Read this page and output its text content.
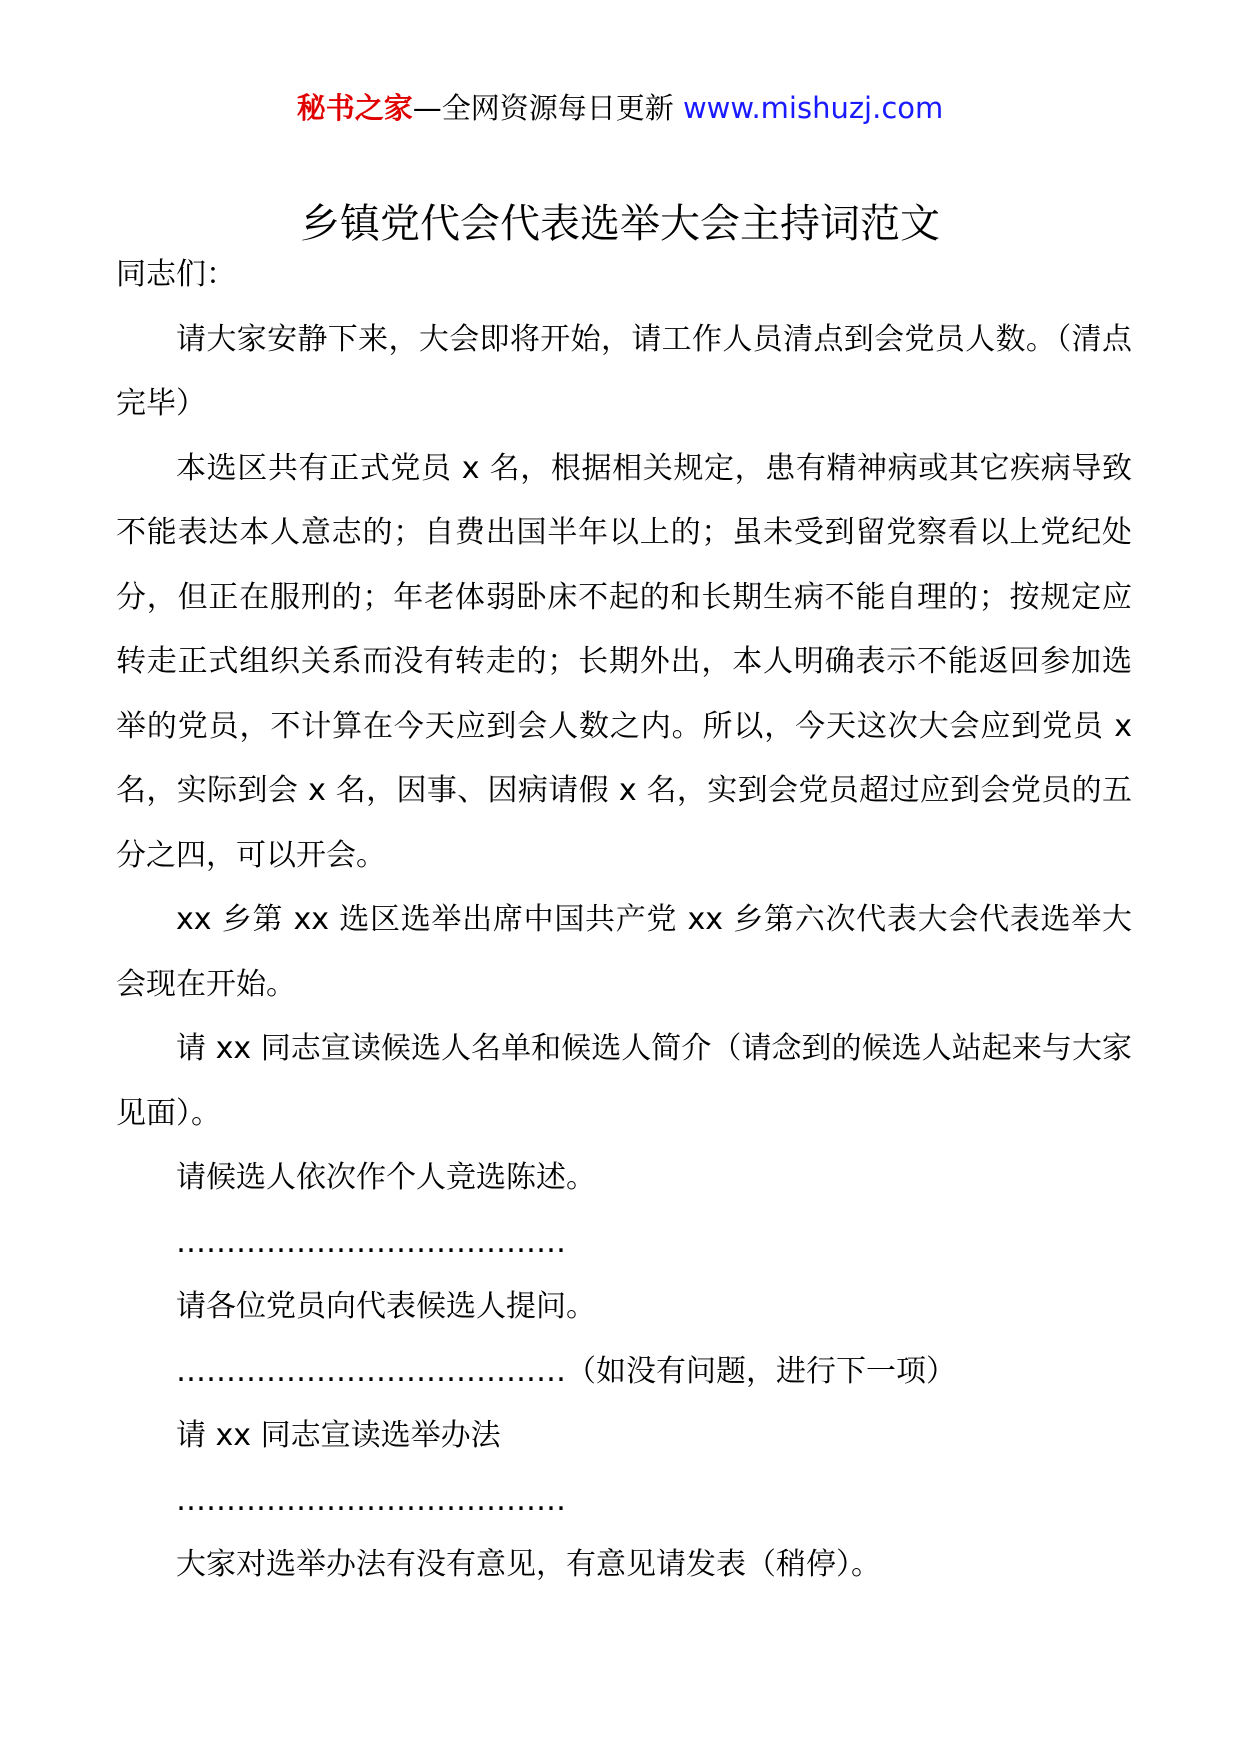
秘书之家—全网资源每日更新 www.mishuzj.com
乡镇党代会代表选举大会主持词范文

同志们：

请大家安静下来，大会即将开始，请工作人员清点到会党员人数。（清点完毕）

本选区共有正式党员 x 名，根据相关规定，患有精神病或其它疾病导致不能表达本人意志的；自费出国半年以上的；虽未受到留党察看以上党纪处分，但正在服刑的；年老体弱卧床不起的和长期生病不能自理的；按规定应转走正式组织关系而没有转走的；长期外出，本人明确表示不能返回参加选举的党员，不计算在今天应到会人数之内。所以，今天这次大会应到党员 x 名，实际到会 x 名，因事、因病请假 x 名，实到会党员超过应到会党员的五分之四，可以开会。

xx 乡第 xx 选区选举出席中国共产党 xx 乡第六次代表大会代表选举大会现在开始。

请 xx 同志宣读候选人名单和候选人简介（请念到的候选人站起来与大家见面）。

请候选人依次作个人竞选陈述。

…………………………………

请各位党员向代表候选人提问。

…………………………………（如没有问题，进行下一项）

请 xx 同志宣读选举办法

…………………………………

大家对选举办法有没有意见，有意见请发表（稍停）。
